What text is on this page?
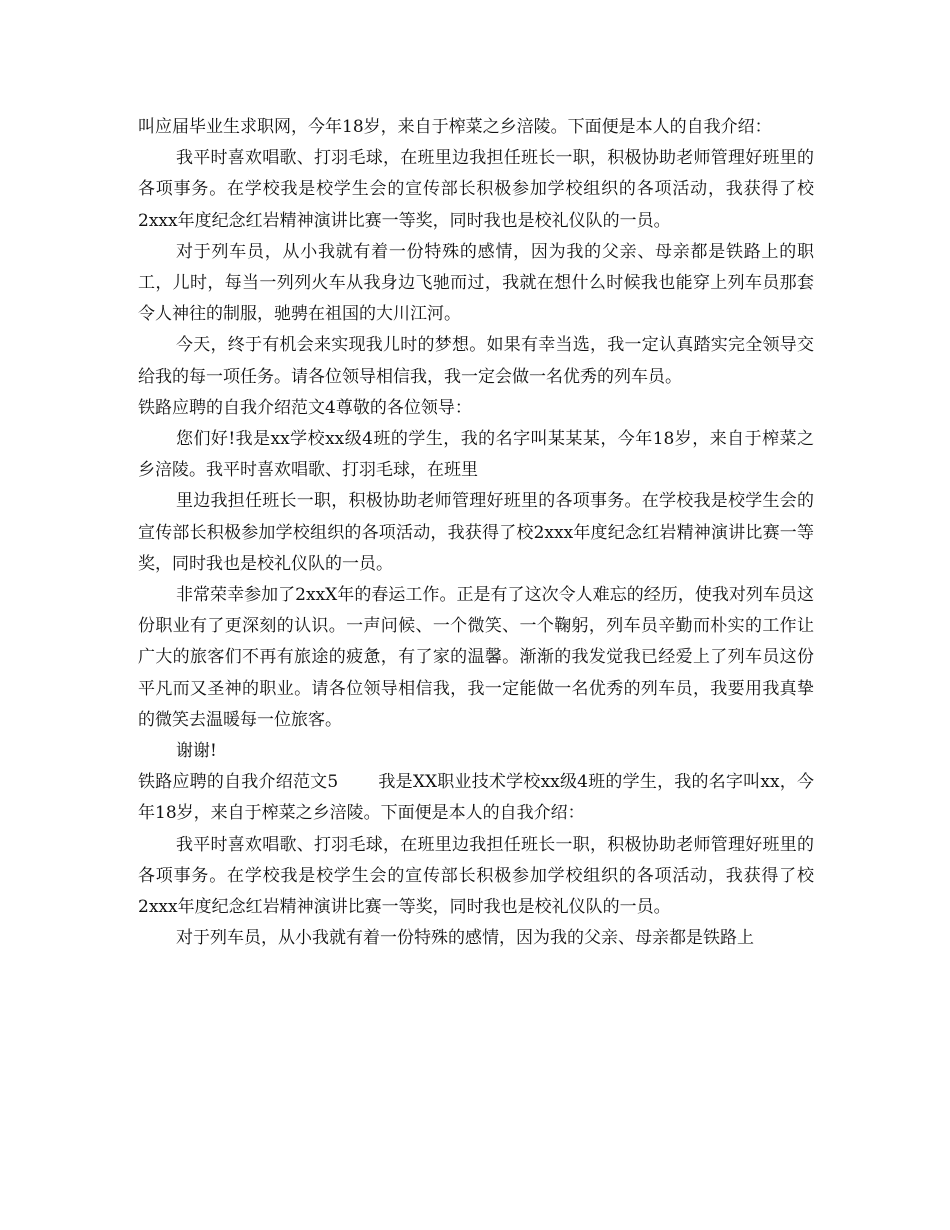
叫应届毕业生求职网，今年18岁，来自于榨菜之乡涪陵。下面便是本人的自我介绍：

我平时喜欢唱歌、打羽毛球，在班里边我担任班长一职，积极协助老师管理好班里的各项事务。在学校我是校学生会的宣传部长积极参加学校组织的各项活动，我获得了校2xxx年度纪念红岩精神演讲比赛一等奖，同时我也是校礼仪队的一员。

对于列车员，从小我就有着一份特殊的感情，因为我的父亲、母亲都是铁路上的职工，儿时，每当一列列火车从我身边飞驰而过，我就在想什么时候我也能穿上列车员那套令人神往的制服，驰骋在祖国的大川江河。

今天，终于有机会来实现我儿时的梦想。如果有幸当选，我一定认真踏实完全领导交给我的每一项任务。请各位领导相信我，我一定会做一名优秀的列车员。

铁路应聘的自我介绍范文4尊敬的各位领导：

您们好!我是xx学校xx级4班的学生，我的名字叫某某某，今年18岁，来自于榨菜之乡涪陵。我平时喜欢唱歌、打羽毛球，在班里

里边我担任班长一职，积极协助老师管理好班里的各项事务。在学校我是校学生会的宣传部长积极参加学校组织的各项活动，我获得了校2xxx年度纪念红岩精神演讲比赛一等奖，同时我也是校礼仪队的一员。

非常荣幸参加了2xxX年的春运工作。正是有了这次令人难忘的经历，使我对列车员这份职业有了更深刻的认识。一声问候、一个微笑、一个鞠躬，列车员辛勤而朴实的工作让广大的旅客们不再有旅途的疲惫，有了家的温馨。渐渐的我发觉我已经爱上了列车员这份平凡而又圣神的职业。请各位领导相信我，我一定能做一名优秀的列车员，我要用我真挚的微笑去温暖每一位旅客。

谢谢!

铁路应聘的自我介绍范文5 我是XX职业技术学校xx级4班的学生，我的名字叫xx，今年18岁，来自于榨菜之乡涪陵。下面便是本人的自我介绍：

我平时喜欢唱歌、打羽毛球，在班里边我担任班长一职，积极协助老师管理好班里的各项事务。在学校我是校学生会的宣传部长积极参加学校组织的各项活动，我获得了校2xxx年度纪念红岩精神演讲比赛一等奖，同时我也是校礼仪队的一员。

对于列车员，从小我就有着一份特殊的感情，因为我的父亲、母亲都是铁路上
